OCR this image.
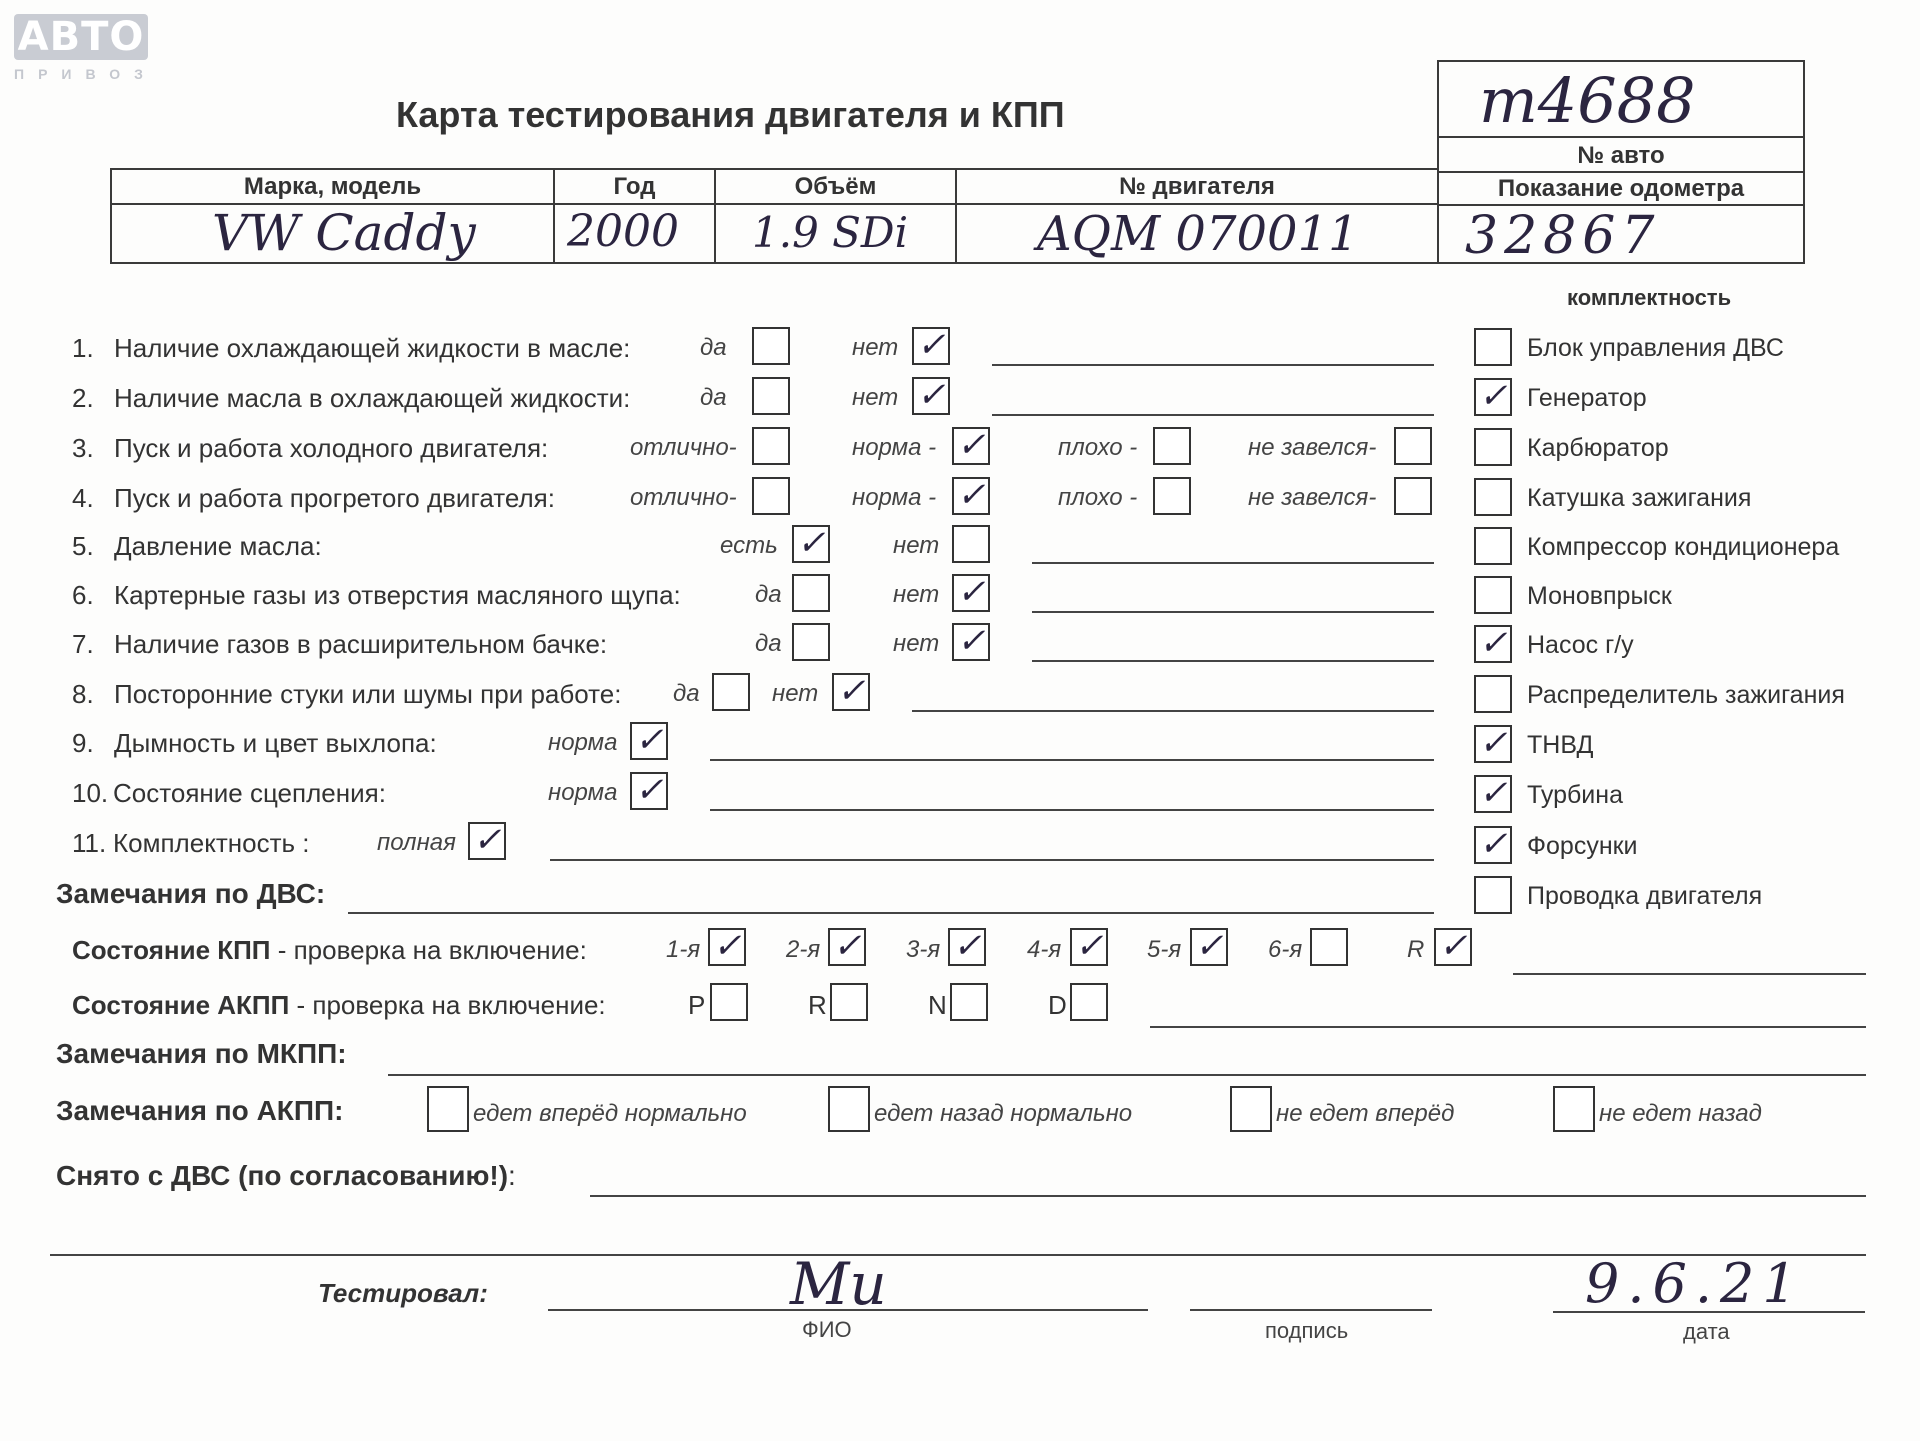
АВТО
ПРИВОЗ
Карта тестирования двигателя и КПП	т4688
№ авто
Показание одометра
32867
Марка, модель
VW Caddy
Год
2000
Объём
1.9 SDi
№ двигателя
AQM 070011
комплектность
1. Наличие охлаждающей жидкости в масле:	да	нет ✓
2. Наличие масла в охлаждающей жидкости:	да	нет ✓
3. Пуск и работа холодного двигателя:	отлично-	норма - ✓	плохо -	не завелся-
4. Пуск и работа прогретого двигателя:	отлично-	норма - ✓	плохо -	не завелся-
5. Давление масла:	есть ✓	нет
6. Картерные газы из отверстия масляного щупа:	да	нет ✓
7. Наличие газов в расширительном бачке:	да	нет ✓
8. Посторонние стуки или шумы при работе: да	нет ✓
9. Дымность и цвет выхлопа:	норма ✓
10. Состояние сцепления:	норма ✓
11. Комплектность :	полная ✓
Блок управления ДВС
✓ Генератор
Карбюратор
Катушка зажигания
Компрессор кондиционера
Моновпрыск
✓ Насос г/у
Распределитель зажигания
✓ ТНВД
✓ Турбина
✓ Форсунки
Проводка двигателя
Замечания по ДВС:
Состояние КПП - проверка на включение:	1-я ✓ 2-я ✓ 3-я ✓ 4-я ✓ 5-я ✓ 6-я	R ✓
Состояние АКПП - проверка на включение:	P	R	N	D
Замечания по МКПП:
Замечания по АКПП:	едет вперёд нормально	едет назад нормально	не едет вперёд	не едет назад
Снято с ДВС (по согласованию!):
Тестировал:	Mи	9.6.21
ФИО	подпись	дата
